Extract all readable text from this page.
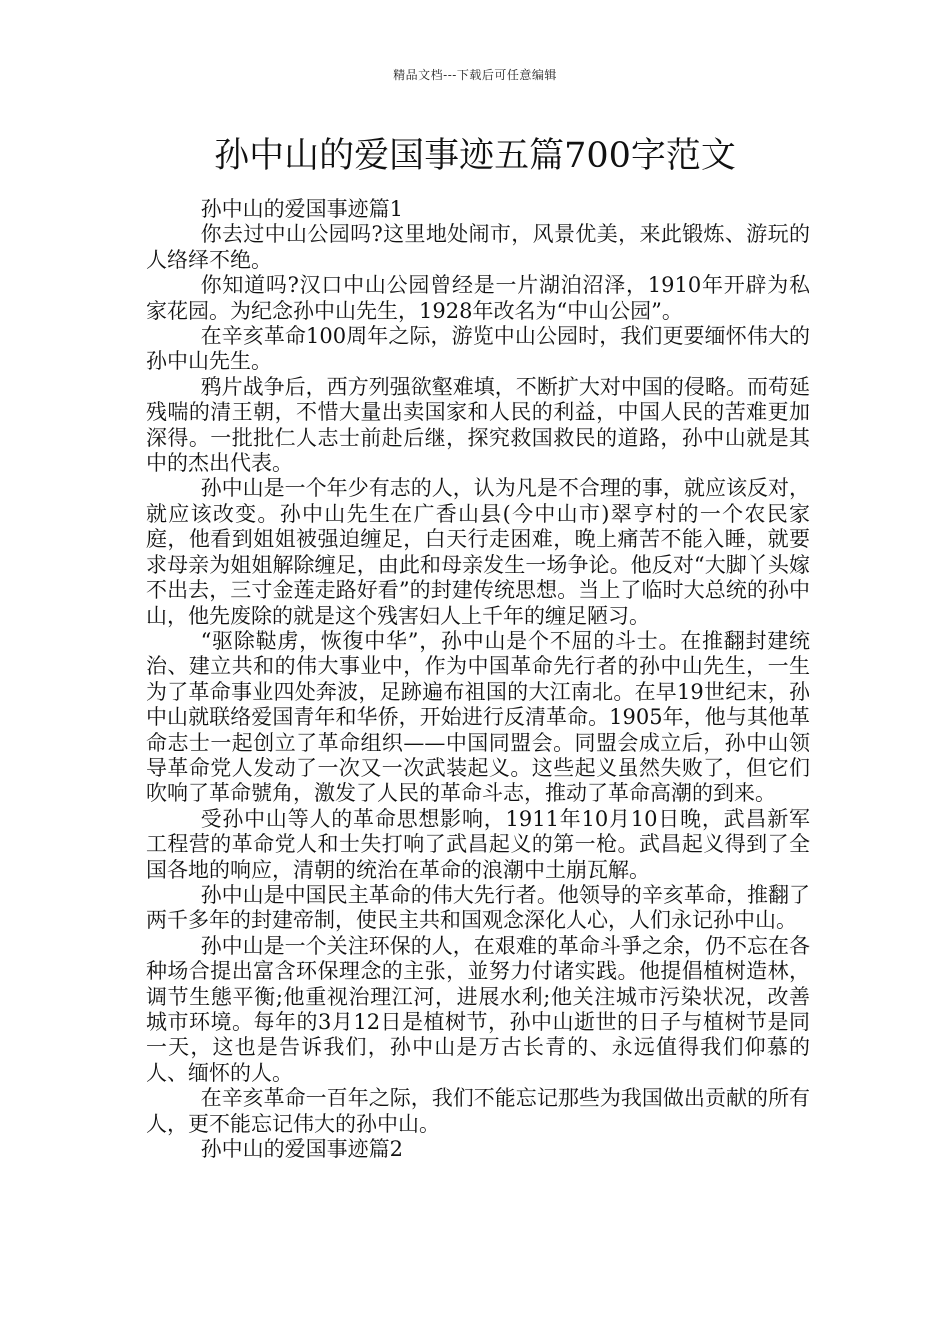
精品文档---下载后可任意编辑
孙中山的爱国事迹五篇700字范文

孙中山的爱国事迹篇1

你去过中山公园吗?这里地处闹市，风景优美，来此锻炼、游玩的人络绎不绝。

你知道吗?汉口中山公园曾经是一片湖泊沼泽，1910年开辟为私家花园。为纪念孙中山先生，1928年改名为“中山公园”。

在辛亥革命100周年之际，游览中山公园时，我们更要缅怀伟大的孙中山先生。

鸦片战争后，西方列强欲壑难填，不断扩大对中国的侵略。而苟延残喘的清王朝，不惜大量出卖国家和人民的利益，中国人民的苦难更加深得。一批批仁人志士前赴后继，探究救国救民的道路，孙中山就是其中的杰出代表。

孙中山是一个年少有志的人，认为凡是不合理的事，就应该反对，就应该改变。孙中山先生在广香山县(今中山市)翠亨村的一个农民家庭，他看到姐姐被强迫缠足，白天行走困难，晚上痛苦不能入睡，就要求母亲为姐姐解除缠足，由此和母亲发生一场争论。他反对“大脚丫头嫁不出去，三寸金莲走路好看”的封建传统思想。当上了临时大总统的孙中山，他先废除的就是这个残害妇人上千年的缠足陋习。

“驱除鞑虏，恢復中华”，孙中山是个不屈的斗士。在推翻封建统治、建立共和的伟大事业中，作为中国革命先行者的孙中山先生，一生为了革命事业四处奔波，足跡遍布祖国的大江南北。在早19世纪末，孙中山就联络爱国青年和华侨，开始进行反清革命。1905年，他与其他革命志士一起创立了革命组织——中国同盟会。同盟会成立后，孙中山领导革命党人发动了一次又一次武装起义。这些起义虽然失败了，但它们吹响了革命號角，激发了人民的革命斗志，推动了革命高潮的到来。

受孙中山等人的革命思想影响，1911年10月10日晚，武昌新军工程营的革命党人和士失打响了武昌起义的第一枪。武昌起义得到了全国各地的响应，清朝的统治在革命的浪潮中土崩瓦解。

孙中山是中国民主革命的伟大先行者。他领导的辛亥革命，推翻了两千多年的封建帝制，使民主共和国观念深化人心，人们永记孙中山。

孙中山是一个关注环保的人，在艰难的革命斗爭之余，仍不忘在各种场合提出富含环保理念的主张，並努力付诸实践。他提倡植树造林，调节生態平衡;他重视治理江河，进展水利;他关注城市污染状况，改善城市环境。每年的3月12日是植树节，孙中山逝世的日子与植树节是同一天，这也是告诉我们，孙中山是万古长青的、永远值得我们仰慕的人、缅怀的人。

在辛亥革命一百年之际，我们不能忘记那些为我国做出贡献的所有人，更不能忘记伟大的孙中山。

孙中山的爱国事迹篇2
